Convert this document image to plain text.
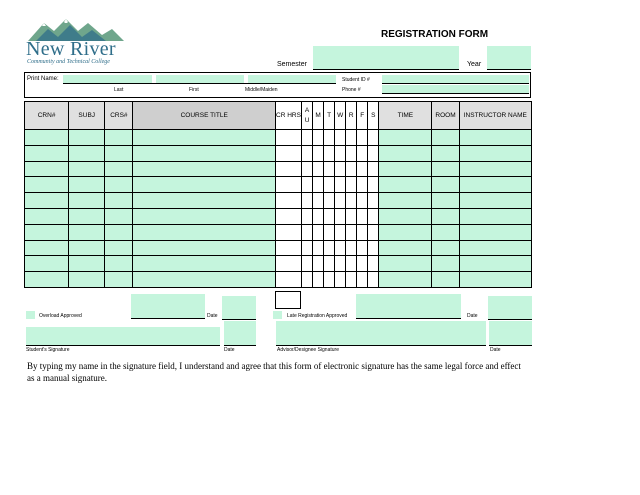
New River
Community and Technical College
REGISTRATION FORM
Semester	Year
Print Name:
Last	First	Middle/Maiden
Student ID #
Phone #
CRN#	SUBJ	CRS#	COURSE TITLE	CR HRS	A U	M	T	W	R	F	S	TIME	ROOM	INSTRUCTOR NAME

Overload Approved	Date	Late Registration Approved	Date
Student's Signature	Date	Advisor/Designee Signature	Date
By typing my name in the signature field, I understand and agree that this form of electronic signature has the same legal force and effect as a manual signature.
